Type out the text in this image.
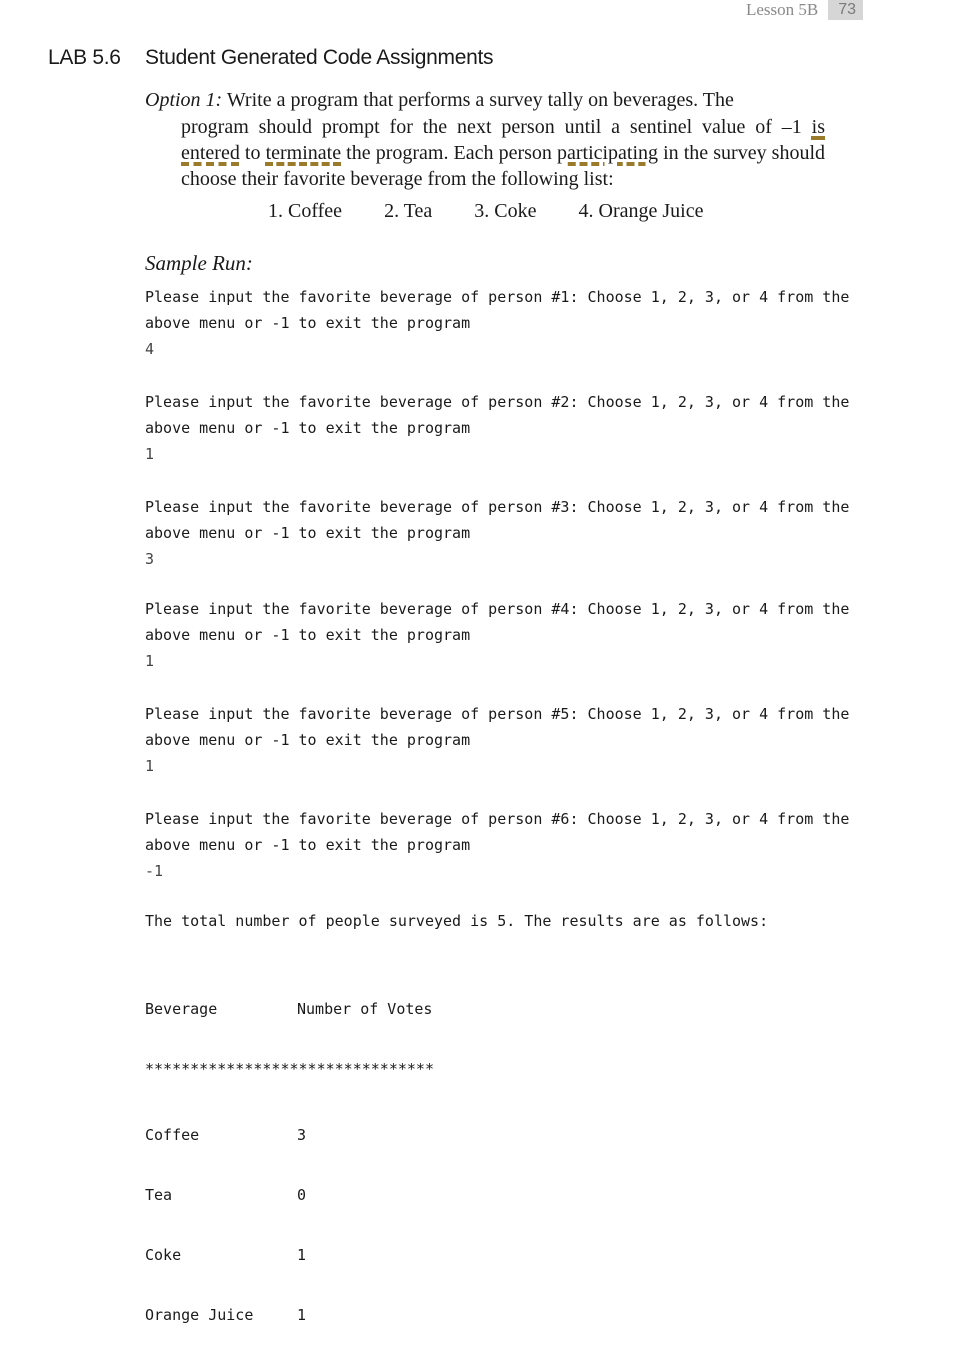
Lesson 5B	73
LAB 5.6 Student Generated Code Assignments
Option 1: Write a program that performs a survey tally on beverages. The
program should prompt for the next person until a sentinel value of –1 is entered to terminate the program. Each person participating in the survey should choose their favorite beverage from the following list:
1. Coffee 2. Tea 3. Coke 4. Orange Juice
Sample Run:
Please input the favorite beverage of person #1: Choose 1, 2, 3, or 4 from the
above menu or -1 to exit the program

4
Please input the favorite beverage of person #2: Choose 1, 2, 3, or 4 from the
above menu or -1 to exit the program

1
Please input the favorite beverage of person #3: Choose 1, 2, 3, or 4 from the
above menu or -1 to exit the program

3
Please input the favorite beverage of person #4: Choose 1, 2, 3, or 4 from the
above menu or -1 to exit the program

1
Please input the favorite beverage of person #5: Choose 1, 2, 3, or 4 from the
above menu or -1 to exit the program

1
Please input the favorite beverage of person #6: Choose 1, 2, 3, or 4 from the
above menu or -1 to exit the program

-1
The total number of people surveyed is 5. The results are as follows:

Beverage	Number of Votes

********************************

Coffee	3

Tea	0

Coke	1

Orange Juice	1
